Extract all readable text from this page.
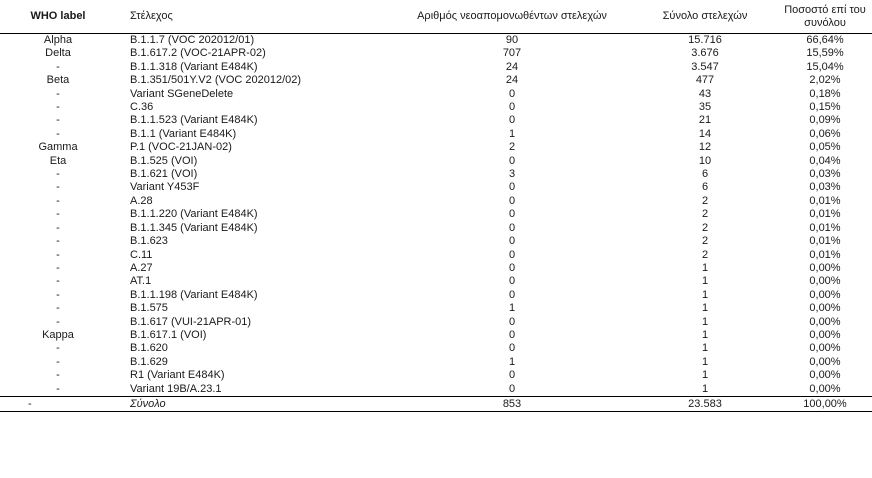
WHO label	Στέλεχος	Αριθμός νεοαπομονωθέντων στελεχών	Σύνολο στελεχών	Ποσοστό επί του συνόλου
Alpha	B.1.1.7 (VOC 202012/01)	90	15.716	66,64%
Delta	B.1.617.2 (VOC-21APR-02)	707	3.676	15,59%
-	B.1.1.318 (Variant E484K)	24	3.547	15,04%
Beta	B.1.351/501Y.V2 (VOC 202012/02)	24	477	2,02%
-	Variant SGeneDelete	0	43	0,18%
-	C.36	0	35	0,15%
-	B.1.1.523 (Variant E484K)	0	21	0,09%
-	B.1.1 (Variant E484K)	1	14	0,06%
Gamma	P.1 (VOC-21JAN-02)	2	12	0,05%
Eta	B.1.525 (VOI)	0	10	0,04%
-	B.1.621 (VOI)	3	6	0,03%
-	Variant Y453F	0	6	0,03%
-	A.28	0	2	0,01%
-	B.1.1.220 (Variant E484K)	0	2	0,01%
-	B.1.1.345 (Variant E484K)	0	2	0,01%
-	B.1.623	0	2	0,01%
-	C.11	0	2	0,01%
-	A.27	0	1	0,00%
-	AT.1	0	1	0,00%
-	B.1.1.198 (Variant E484K)	0	1	0,00%
-	B.1.575	1	1	0,00%
-	B.1.617 (VUI-21APR-01)	0	1	0,00%
Kappa	B.1.617.1 (VOI)	0	1	0,00%
-	B.1.620	0	1	0,00%
-	B.1.629	1	1	0,00%
-	R1 (Variant E484K)	0	1	0,00%
-	Variant 19B/A.23.1	0	1	0,00%
-	Σύνολο	853	23.583	100,00%
